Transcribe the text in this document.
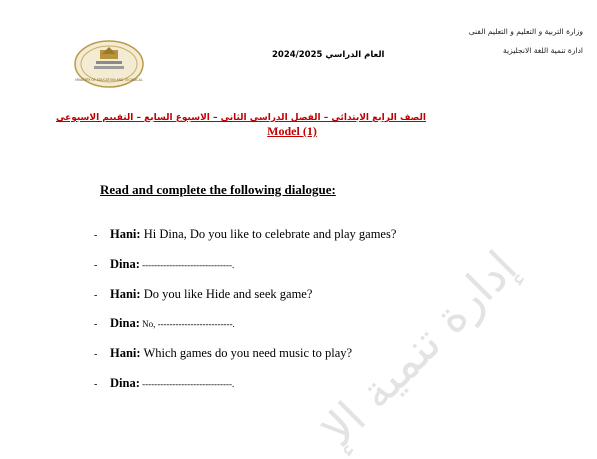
وزارة التربية و التعليم و التعليم الفنى
ادارة تنمية اللغة الانجليزية
العام الدراسي 2024/2025
MINISTRY OF EDUCATION AND TECHNICAL
الصف الرابع الابتدائي – الفصل الدراسي الثاني – الاسبوع السابع – التقييم الاسبوعي
Model (1)
Read and complete the following dialogue:
- Hani: Hi Dina, Do you like to celebrate and play games?
- Dina: ------------------------------.
- Hani: Do you like Hide and seek game?
- Dina: No, -------------------------.
- Hani: Which games do you need music to play?
- Dina: ------------------------------. إدارة تنمية الإ
